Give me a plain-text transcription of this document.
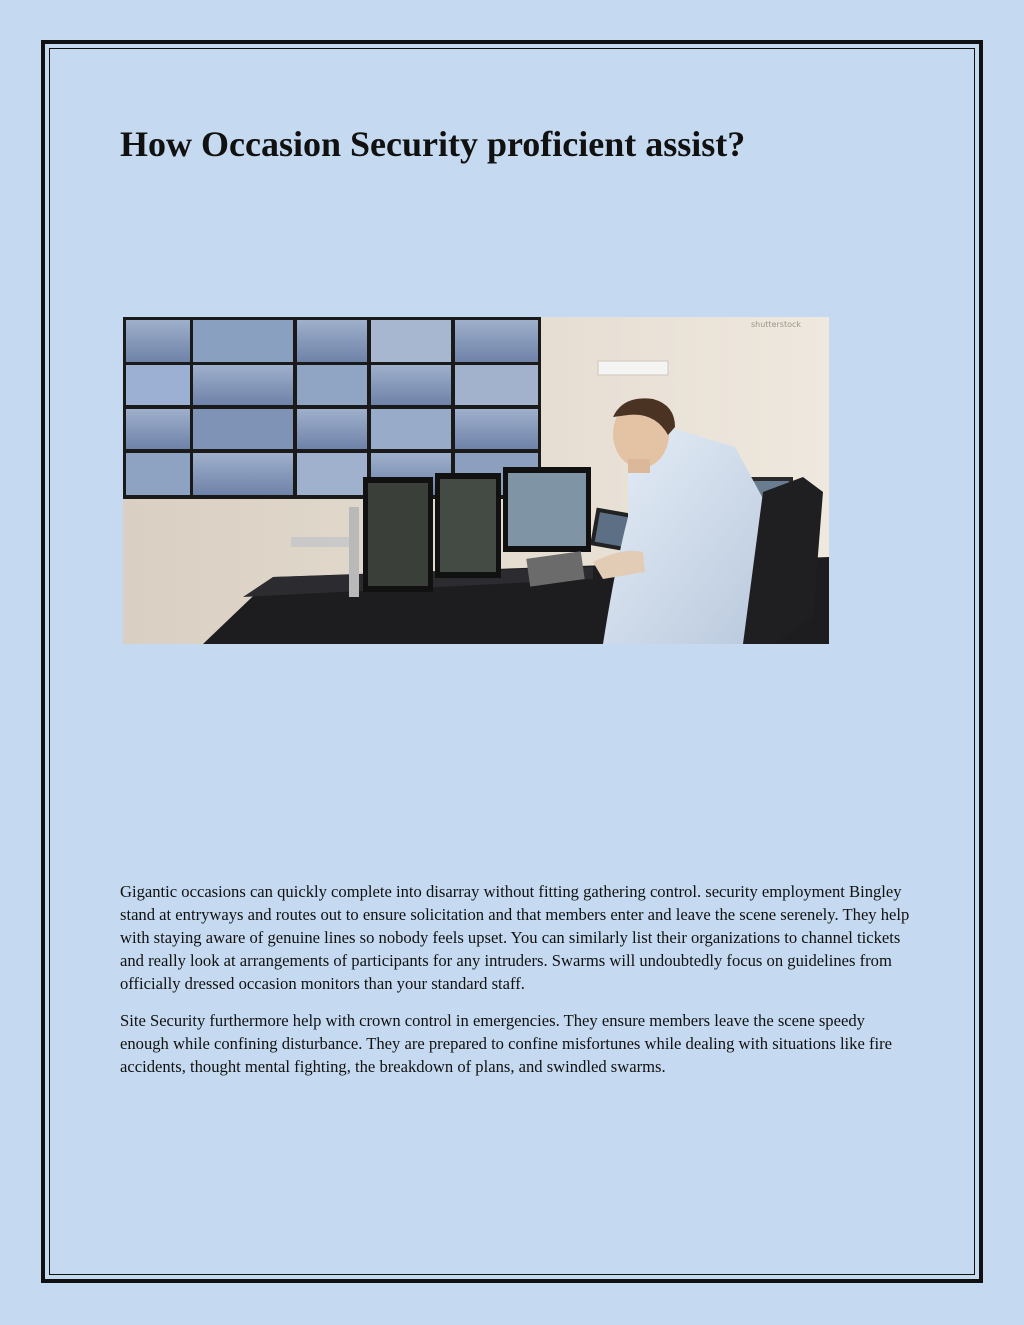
How Occasion Security proficient assist?
shutterstock

Gigantic occasions can quickly complete into disarray without fitting gathering control. security employment Bingley stand at entryways and routes out to ensure solicitation and that members enter and leave the scene serenely. They help with staying aware of genuine lines so nobody feels upset. You can similarly list their organizations to channel tickets and really look at arrangements of participants for any intruders. Swarms will undoubtedly focus on guidelines from officially dressed occasion monitors than your standard staff.

Site Security furthermore help with crown control in emergencies. They ensure members leave the scene speedy enough while confining disturbance. They are prepared to confine misfortunes while dealing with situations like fire accidents, thought mental fighting, the breakdown of plans, and swindled swarms.
